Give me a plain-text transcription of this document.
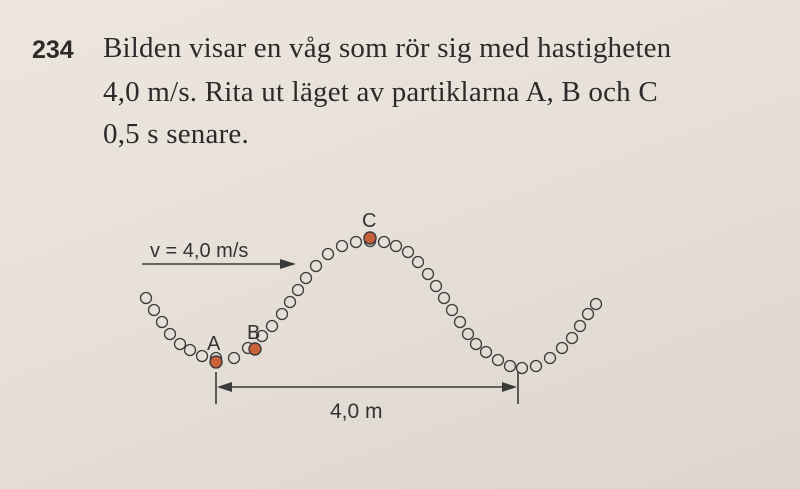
234 Bilden visar en våg som rör sig med hastigheten
4,0 m/s. Rita ut läget av partiklarna A, B och C
0,5 s senare.
v = 4,0 m/s
4,0 m
A B
C
